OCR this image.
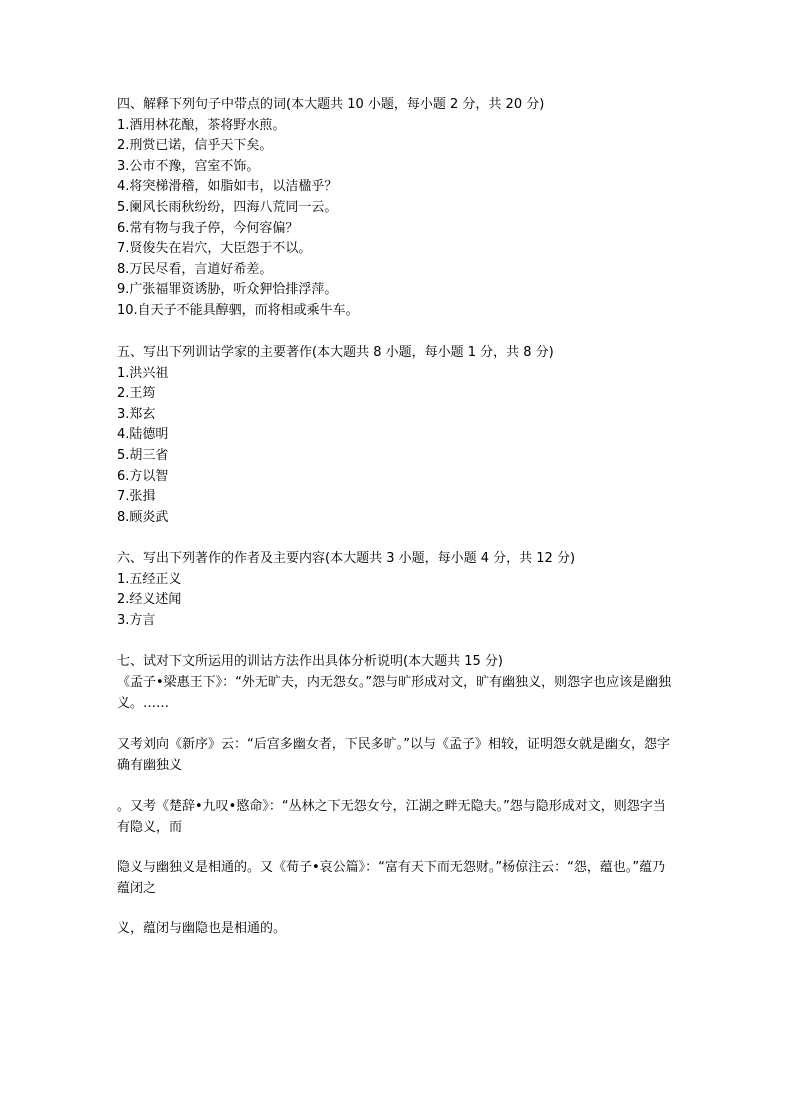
四、解释下列句子中带点的词(本大题共 10 小题，每小题 2 分，共 20 分)
1.酒用林花酿，茶将野水煎。
2.刑赏已诺，信乎天下矣。
3.公市不豫，宫室不饰。
4.将突梯滑稽，如脂如韦，以洁楹乎？
5.阑风长雨秋纷纷，四海八荒同一云。
6.常有物与我子停，今何容偏？
7.贤俊失在岩穴，大臣怨于不以。
8.万民尽看，言道好希差。
9.广张福罪资诱胁，听众狎恰排浮萍。
10.自天子不能具醇驷，而将相或乘牛车。
五、写出下列训诂学家的主要著作(本大题共 8 小题，每小题 1 分，共 8 分)
1.洪兴祖
2.王筠
3.郑玄
4.陆德明
5.胡三省
6.方以智
7.张揖
8.顾炎武
六、写出下列著作的作者及主要内容(本大题共 3 小题，每小题 4 分，共 12 分)
1.五经正义
2.经义述闻
3.方言
七、试对下文所运用的训诂方法作出具体分析说明(本大题共 15 分)
《孟子•梁惠王下》：“外无旷夫，内无怨女。”怨与旷形成对文，旷有幽独义，则怨字也应该是幽独义。……
又考刘向《新序》云：“后宫多幽女者，下民多旷。”以与《孟子》相较，证明怨女就是幽女，怨字确有幽独义
。又考《楚辞•九叹•愍命》：“丛林之下无怨女兮，江湖之畔无隐夫。”怨与隐形成对文，则怨字当有隐义，而
隐义与幽独义是相通的。又《荀子•哀公篇》：“富有天下而无怨财。”杨倞注云：“怨，蕴也。”蕴乃蕴闭之
义，蕴闭与幽隐也是相通的。
